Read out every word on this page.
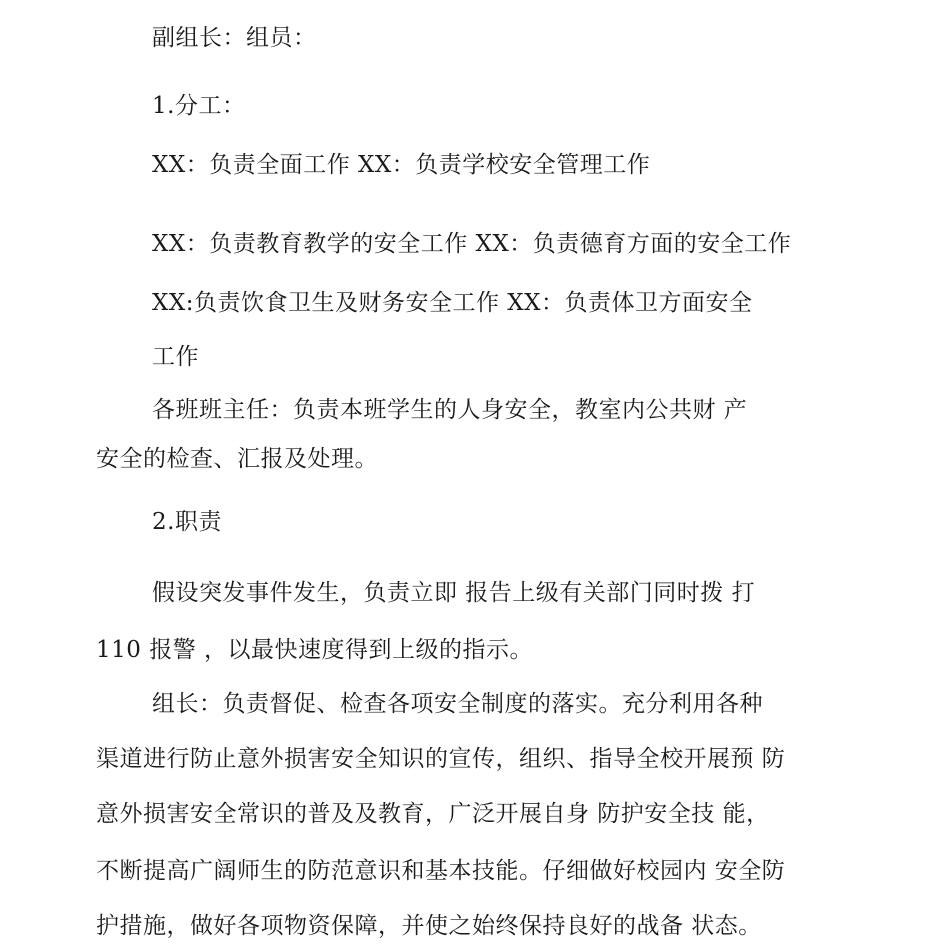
副组长：组员：
1.分工：
XX：负责全面工作 XX：负责学校安全管理工作
XX：负责教育教学的安全工作 XX：负责德育方面的安全工作
XX:负责饮食卫生及财务安全工作 XX：负责体卫方面安全
工作
各班班主任：负责本班学生的人身安全，教室内公共财 产
安全的检查、汇报及处理。
2.职责
假设突发事件发生，负责立即 报告上级有关部门同时拨 打
110 报警 ，以最快速度得到上级的指示。
组长：负责督促、检查各项安全制度的落实。充分利用各种
渠道进行防止意外损害安全知识的宣传，组织、指导全校开展预 防
意外损害安全常识的普及及教育，广泛开展自身 防护安全技 能，
不断提高广阔师生的防范意识和基本技能。仔细做好校园内 安全防
护措施，做好各项物资保障，并使之始终保持良好的战备 状态。
